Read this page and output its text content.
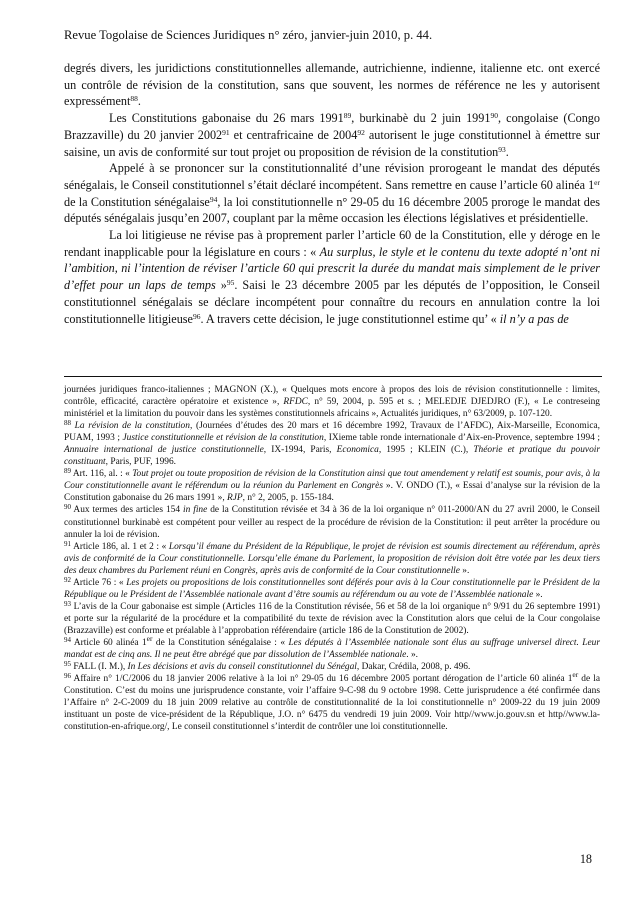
Revue Togolaise de Sciences Juridiques n° zéro, janvier-juin 2010, p. 44.

degrés divers, les juridictions constitutionnelles allemande, autrichienne, indienne, italienne etc. ont exercé un contrôle de révision de la constitution, sans que souvent, les normes de référence ne les y autorisent expressément$^{88}$.

Les Constitutions gabonaise du 26 mars 1991$^{89}$, burkinabè du 2 juin 1991$^{90}$, congolaise (Congo Brazzaville) du 20 janvier 2002$^{91}$ et centrafricaine de 2004$^{92}$ autorisent le juge constitutionnel à émettre sur saisine, un avis de conformité sur tout projet ou proposition de révision de la constitution$^{93}$.

Appelé à se prononcer sur la constitutionnalité d’une révision prorogeant le mandat des députés sénégalais, le Conseil constitutionnel s’était déclaré incompétent. Sans remettre en cause l’article 60 alinéa 1er de la Constitution sénégalaise$^{94}$, la loi constitutionnelle n° 29-05 du 16 décembre 2005 proroge le mandat des députés sénégalais jusqu’en 2007, couplant par la même occasion les élections législatives et présidentielle.

La loi litigieuse ne révise pas à proprement parler l’article 60 de la Constitution, elle y déroge en le rendant inapplicable pour la législature en cours : « Au surplus, le style et le contenu du texte adopté n’ont ni l’ambition, ni l’intention de réviser l’article 60 qui prescrit la durée du mandat mais simplement de le priver d’effet pour un laps de temps »$^{95}$. Saisi le 23 décembre 2005 par les députés de l’opposition, le Conseil constitutionnel sénégalais se déclare incompétent pour connaître du recours en annulation contre la loi constitutionnelle litigieuse$^{96}$. A travers cette décision, le juge constitutionnel estime qu’ « il n’y a pas de

journées juridiques franco-italiennes ; MAGNON (X.), « Quelques mots encore à propos des lois de révision constitutionnelle : limites, contrôle, efficacité, caractère opératoire et existence », RFDC, n° 59, 2004, p. 595 et s. ; MELEDJE DJEDJRO (F.), « Le contreseing ministériel et la limitation du pouvoir dans les systèmes constitutionnels africains », Actualités juridiques, n° 63/2009, p. 107-120.

$^{88}$ La révision de la constitution, (Journées d’études des 20 mars et 16 décembre 1992, Travaux de l’AFDC), Aix-Marseille, Economica, PUAM, 1993 ; Justice constitutionnelle et révision de la constitution, IXieme table ronde internationale d’Aix-en-Provence, septembre 1994 ; Annuaire international de justice constitutionnelle, IX-1994, Paris, Economica, 1995 ; KLEIN (C.), Théorie et pratique du pouvoir constituant, Paris, PUF, 1996.

$^{89}$ Art. 116, al. : « Tout projet ou toute proposition de révision de la Constitution ainsi que tout amendement y relatif est soumis, pour avis, à la Cour constitutionnelle avant le référendum ou la réunion du Parlement en Congrès ». V. ONDO (T.), « Essai d’analyse sur la révision de la Constitution gabonaise du 26 mars 1991 », RJP, n° 2, 2005, p. 155-184.

$^{90}$ Aux termes des articles 154 in fine de la Constitution révisée et 34 à 36 de la loi organique n° 011-2000/AN du 27 avril 2000, le Conseil constitutionnel burkinabè est compétent pour veiller au respect de la procédure de révision de la Constitution: il peut arrêter la procédure ou annuler la loi de révision.

$^{91}$ Article 186, al. 1 et 2 : « Lorsqu’il émane du Président de la République, le projet de révision est soumis directement au référendum, après avis de conformité de la Cour constitutionnelle. Lorsqu’elle émane du Parlement, la proposition de révision doit être votée par les deux tiers des deux chambres du Parlement réuni en Congrès, après avis de conformité de la Cour constitutionnelle ».

$^{92}$ Article 76 : « Les projets ou propositions de lois constitutionnelles sont déférés pour avis à la Cour constitutionnelle par le Président de la République ou le Président de l’Assemblée nationale avant d’être soumis au référendum ou au vote de l’Assemblée nationale ».

$^{93}$ L’avis de la Cour gabonaise est simple (Articles 116 de la Constitution révisée, 56 et 58 de la loi organique n° 9/91 du 26 septembre 1991) et porte sur la régularité de la procédure et la compatibilité du texte de révision avec la Constitution alors que celui de la Cour congolaise (Brazzaville) est conforme et préalable à l’approbation référendaire (article 186 de la Constitution de 2002).

$^{94}$ Article 60 alinéa 1er de la Constitution sénégalaise : « Les députés à l’Assemblée nationale sont élus au suffrage universel direct. Leur mandat est de cinq ans. Il ne peut être abrégé que par dissolution de l’Assemblée nationale. ».

$^{95}$ FALL (I. M.), In Les décisions et avis du conseil constitutionnel du Sénégal, Dakar, Crédila, 2008, p. 496.

$^{96}$ Affaire n° 1/C/2006 du 18 janvier 2006 relative à la loi n° 29-05 du 16 décembre 2005 portant dérogation de l’article 60 alinéa 1er de la Constitution. C’est du moins une jurisprudence constante, voir l’affaire 9-C-98 du 9 octobre 1998. Cette jurisprudence a été confirmée dans l’Affaire n° 2-C-2009 du 18 juin 2009 relative au contrôle de constitutionnalité de la loi constitutionnelle n° 2009-22 du 19 juin 2009 instituant un poste de vice-président de la République, J.O. n° 6475 du vendredi 19 juin 2009. Voir http//www.jo.gouv.sn et http//www.la-constitution-en-afrique.org/, Le conseil constitutionnel s’interdit de contrôler une loi constitutionnelle.

18
